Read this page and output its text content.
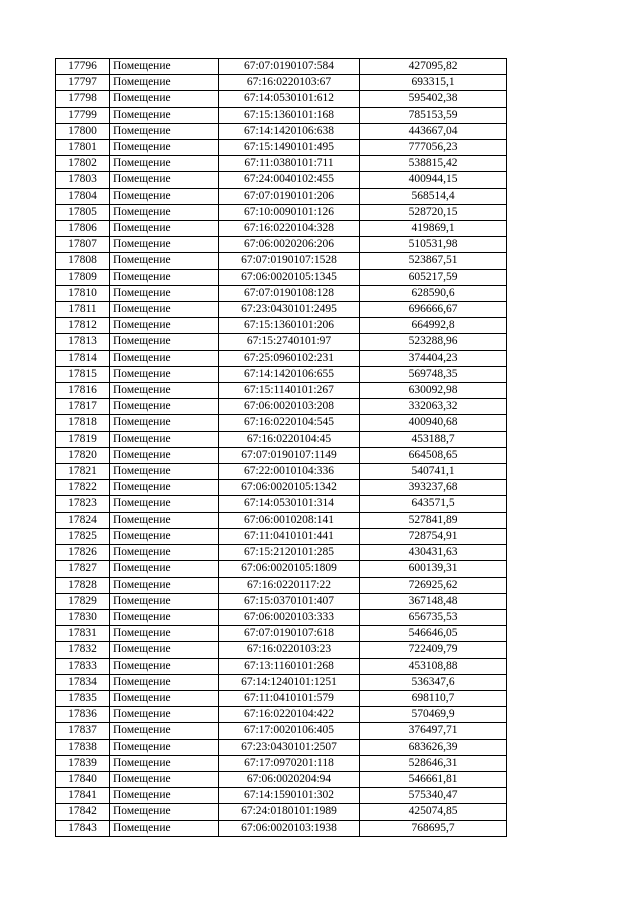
17796	Помещение	67:07:0190107:584	427095,82
17797	Помещение	67:16:0220103:67	693315,1
17798	Помещение	67:14:0530101:612	595402,38
17799	Помещение	67:15:1360101:168	785153,59
17800	Помещение	67:14:1420106:638	443667,04
17801	Помещение	67:15:1490101:495	777056,23
17802	Помещение	67:11:0380101:711	538815,42
17803	Помещение	67:24:0040102:455	400944,15
17804	Помещение	67:07:0190101:206	568514,4
17805	Помещение	67:10:0090101:126	528720,15
17806	Помещение	67:16:0220104:328	419869,1
17807	Помещение	67:06:0020206:206	510531,98
17808	Помещение	67:07:0190107:1528	523867,51
17809	Помещение	67:06:0020105:1345	605217,59
17810	Помещение	67:07:0190108:128	628590,6
17811	Помещение	67:23:0430101:2495	696666,67
17812	Помещение	67:15:1360101:206	664992,8
17813	Помещение	67:15:2740101:97	523288,96
17814	Помещение	67:25:0960102:231	374404,23
17815	Помещение	67:14:1420106:655	569748,35
17816	Помещение	67:15:1140101:267	630092,98
17817	Помещение	67:06:0020103:208	332063,32
17818	Помещение	67:16:0220104:545	400940,68
17819	Помещение	67:16:0220104:45	453188,7
17820	Помещение	67:07:0190107:1149	664508,65
17821	Помещение	67:22:0010104:336	540741,1
17822	Помещение	67:06:0020105:1342	393237,68
17823	Помещение	67:14:0530101:314	643571,5
17824	Помещение	67:06:0010208:141	527841,89
17825	Помещение	67:11:0410101:441	728754,91
17826	Помещение	67:15:2120101:285	430431,63
17827	Помещение	67:06:0020105:1809	600139,31
17828	Помещение	67:16:0220117:22	726925,62
17829	Помещение	67:15:0370101:407	367148,48
17830	Помещение	67:06:0020103:333	656735,53
17831	Помещение	67:07:0190107:618	546646,05
17832	Помещение	67:16:0220103:23	722409,79
17833	Помещение	67:13:1160101:268	453108,88
17834	Помещение	67:14:1240101:1251	536347,6
17835	Помещение	67:11:0410101:579	698110,7
17836	Помещение	67:16:0220104:422	570469,9
17837	Помещение	67:17:0020106:405	376497,71
17838	Помещение	67:23:0430101:2507	683626,39
17839	Помещение	67:17:0970201:118	528646,31
17840	Помещение	67:06:0020204:94	546661,81
17841	Помещение	67:14:1590101:302	575340,47
17842	Помещение	67:24:0180101:1989	425074,85
17843	Помещение	67:06:0020103:1938	768695,7
